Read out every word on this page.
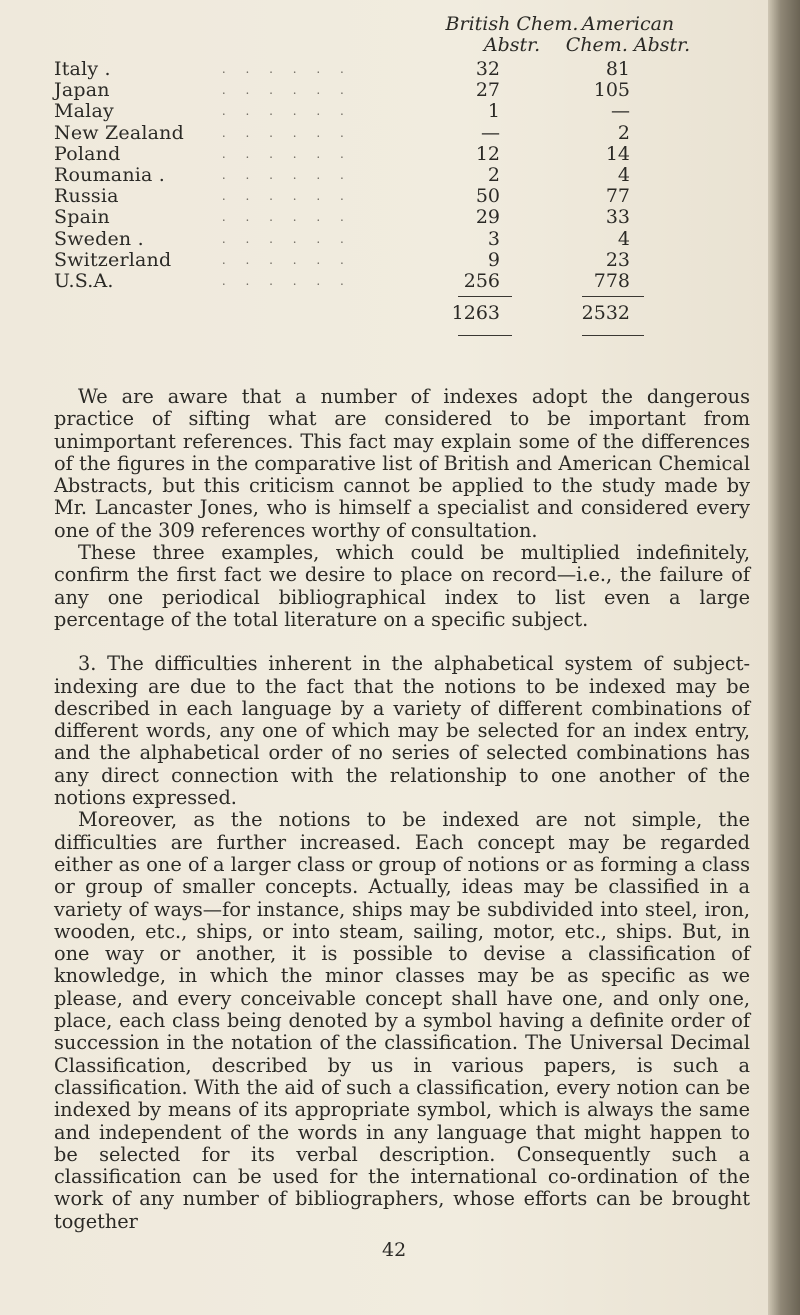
British Chem. Abstr.
American Chem. Abstr.
Italy .	. . . . . .	32	81
Japan	. . . . . .	27	105
Malay	. . . . . .	1	—
New Zealand . . . . . .	—	2
Poland	. . . . . .	12	14
Roumania .	. . . . . .	2	4
Russia	. . . . . .	50	77
Spain	. . . . . .	29	33
Sweden .	. . . . . .	3	4
Switzerland	. . . . . .	9	23
U.S.A.	. . . . . .	256	778
1263	2532

We are aware that a number of indexes adopt the dangerous practice of sifting what are considered to be important from unimportant references. This fact may explain some of the differences of the figures in the comparative list of British and American Chemical Abstracts, but this criticism cannot be applied to the study made by Mr. Lancaster Jones, who is himself a specialist and considered every one of the 309 references worthy of consultation.

These three examples, which could be multiplied indefinitely, confirm the first fact we desire to place on record—i.e., the failure of any one periodical bibliographical index to list even a large percentage of the total literature on a specific subject.

3. The difficulties inherent in the alphabetical system of subject-indexing are due to the fact that the notions to be indexed may be described in each language by a variety of different combinations of different words, any one of which may be selected for an index entry, and the alphabetical order of no series of selected combinations has any direct connection with the relationship to one another of the notions expressed.

Moreover, as the notions to be indexed are not simple, the difficulties are further increased. Each concept may be regarded either as one of a larger class or group of notions or as forming a class or group of smaller concepts. Actually, ideas may be classified in a variety of ways—for instance, ships may be subdivided into steel, iron, wooden, etc., ships, or into steam, sailing, motor, etc., ships. But, in one way or another, it is possible to devise a classification of knowledge, in which the minor classes may be as specific as we please, and every conceivable concept shall have one, and only one, place, each class being denoted by a symbol having a definite order of succession in the notation of the classification. The Universal Decimal Classification, described by us in various papers, is such a classification. With the aid of such a classification, every notion can be indexed by means of its appropriate symbol, which is always the same and independent of the words in any language that might happen to be selected for its verbal description. Consequently such a classification can be used for the international co-ordination of the work of any number of bibliographers, whose efforts can be brought together

42
